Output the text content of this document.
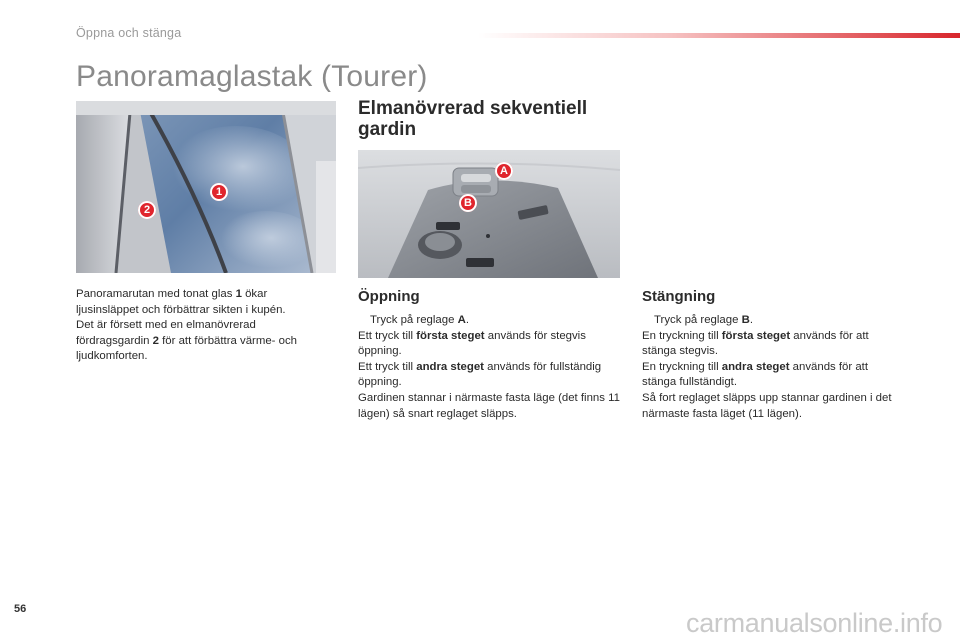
Öppna och stänga
Panoramaglastak (Tourer)
1
2
Panoramarutan med tonat glas 1 ökar ljusinsläppet och förbättrar sikten i kupén.
Det är försett med en elmanövrerad fördragsgardin 2 för att förbättra värme- och ljudkomforten.
Elmanövrerad sekventiell gardin
A
B
Öppning
Tryck på reglage A.
Ett tryck till första steget används för stegvis öppning.
Ett tryck till andra steget används för fullständig öppning.
Gardinen stannar i närmaste fasta läge (det finns 11 lägen) så snart reglaget släpps.
Stängning
Tryck på reglage B.
En tryckning till första steget används för att stänga stegvis.
En tryckning till andra steget används för att stänga fullständigt.
Så fort reglaget släpps upp stannar gardinen i det närmaste fasta läget (11 lägen).
56	carmanualsonline.info
